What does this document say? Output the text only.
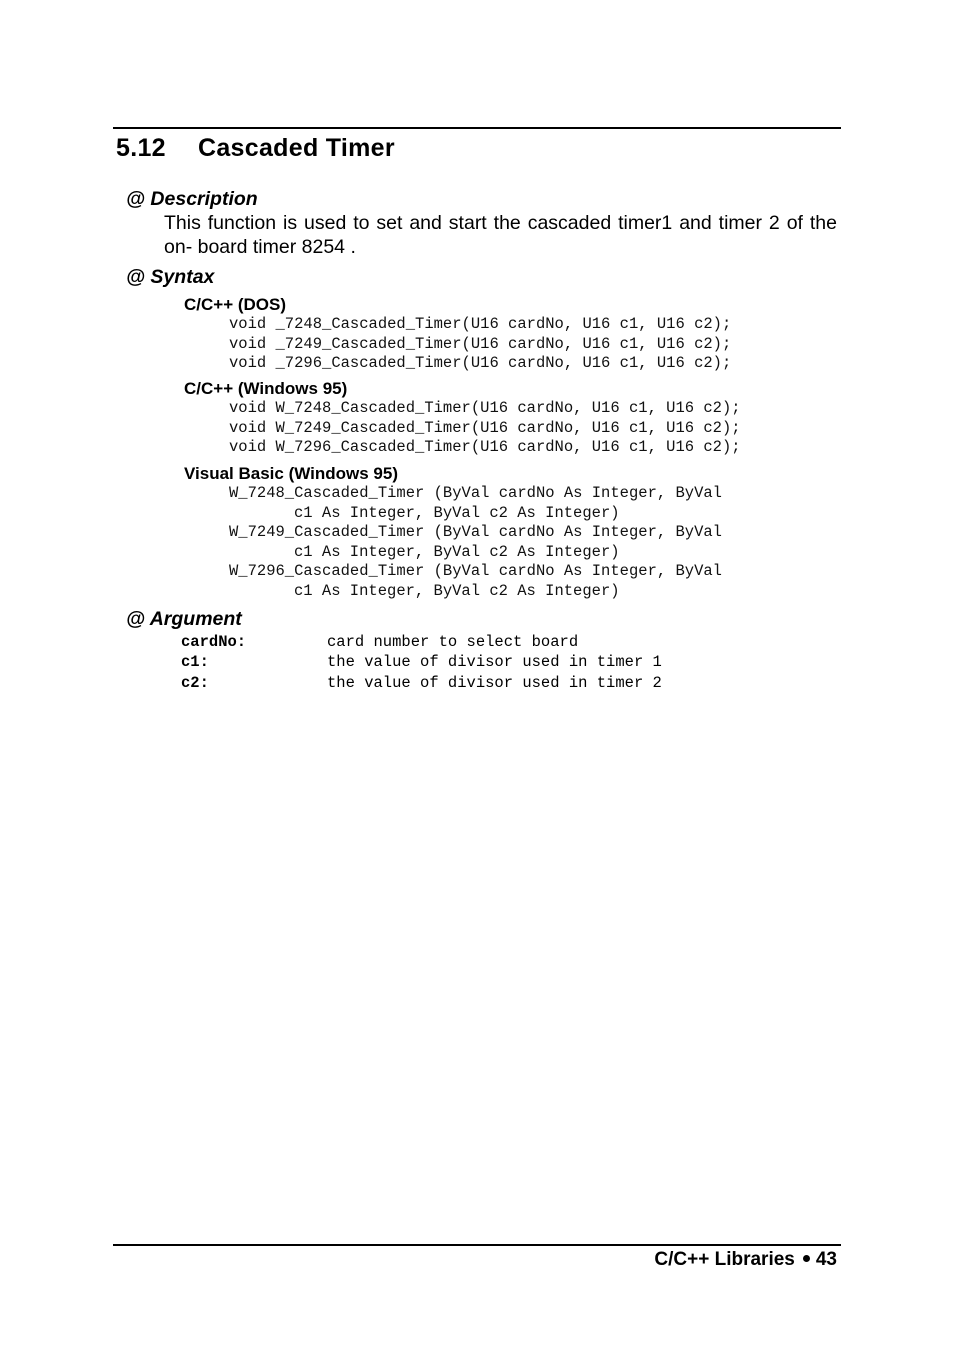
5.12 Cascaded Timer

@ Description

This function is used to set and start the cascaded timer1 and timer 2 of the on- board timer 8254 .

@ Syntax

C/C++ (DOS)

void _7248_Cascaded_Timer(U16 cardNo, U16 c1, U16 c2);
void _7249_Cascaded_Timer(U16 cardNo, U16 c1, U16 c2);
void _7296_Cascaded_Timer(U16 cardNo, U16 c1, U16 c2);

C/C++ (Windows 95)

void W_7248_Cascaded_Timer(U16 cardNo, U16 c1, U16 c2);
void W_7249_Cascaded_Timer(U16 cardNo, U16 c1, U16 c2);
void W_7296_Cascaded_Timer(U16 cardNo, U16 c1, U16 c2);

Visual Basic (Windows 95)

W_7248_Cascaded_Timer (ByVal cardNo As Integer, ByVal
c1 As Integer, ByVal c2 As Integer)
W_7249_Cascaded_Timer (ByVal cardNo As Integer, ByVal
c1 As Integer, ByVal c2 As Integer)
W_7296_Cascaded_Timer (ByVal cardNo As Integer, ByVal
c1 As Integer, ByVal c2 As Integer)

@ Argument

cardNo:	card number to select board
c1:	the value of divisor used in timer 1
c2:	the value of divisor used in timer 2
C/C++ Libraries 43
